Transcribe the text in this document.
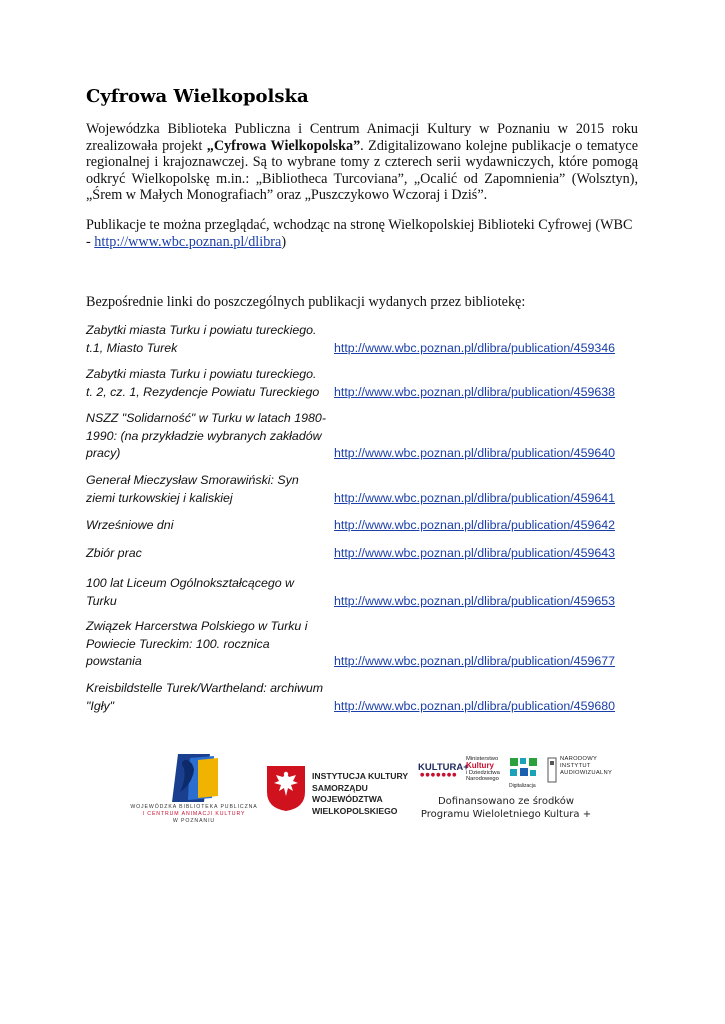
Cyfrowa Wielkopolska
Wojewódzka Biblioteka Publiczna i Centrum Animacji Kultury w Poznaniu w 2015 roku zrealizowała projekt „Cyfrowa Wielkopolska”. Zdigitalizowano kolejne publikacje o tematyce regionalnej i krajoznawczej. Są to wybrane tomy z czterech serii wydawniczych, które pomogą odkryć Wielkopolskę m.in.: „Bibliotheca Turcoviana”, „Ocalić od Zapomnienia” (Wolsztyn), „Śrem w Małych Monografiach” oraz „Puszczykowo Wczoraj i Dziś”.
Publikacje te można przeglądać, wchodząc na stronę Wielkopolskiej Biblioteki Cyfrowej (WBC - http://www.wbc.poznan.pl/dlibra)
Bezpośrednie linki do poszczególnych publikacji wydanych przez bibliotekę:
Zabytki miasta Turku i powiatu tureckiego. t.1, Miasto Turek	http://www.wbc.poznan.pl/dlibra/publication/459346
Zabytki miasta Turku i powiatu tureckiego. t. 2, cz. 1, Rezydencje Powiatu Tureckiego	http://www.wbc.poznan.pl/dlibra/publication/459638
NSZZ "Solidarność" w Turku w latach 1980-1990: (na przykładzie wybranych zakładów pracy)	http://www.wbc.poznan.pl/dlibra/publication/459640
Generał Mieczysław Smorawiński: Syn ziemi turkowskiej i kaliskiej	http://www.wbc.poznan.pl/dlibra/publication/459641
Wrześniowe dni	http://www.wbc.poznan.pl/dlibra/publication/459642
Zbiór prac	http://www.wbc.poznan.pl/dlibra/publication/459643
100 lat Liceum Ogólnokształcącego w Turku	http://www.wbc.poznan.pl/dlibra/publication/459653
Związek Harcerstwa Polskiego w Turku i Powiecie Tureckim: 100. rocznica powstania	http://www.wbc.poznan.pl/dlibra/publication/459677
Kreisbildstelle Turek/Wartheland: archiwum "Igły"	http://www.wbc.poznan.pl/dlibra/publication/459680
WOJEWÓDZKA BIBLIOTEKA PUBLICZNA
I CENTRUM ANIMACJI KULTURY
W POZNANIU
INSTYTUCJA KULTURY
SAMORZĄDU WOJEWÓDZTWA
WIELKOPOLSKIEGO
KULTURA+
●●●●●●●
Ministerstwo
Kultury
i Dziedzictwa
Narodowego
Digitalizacja
NARODOWY
INSTYTUT
AUDIOWIZUALNY
Dofinansowano ze środków
Programu Wieloletniego Kultura +
